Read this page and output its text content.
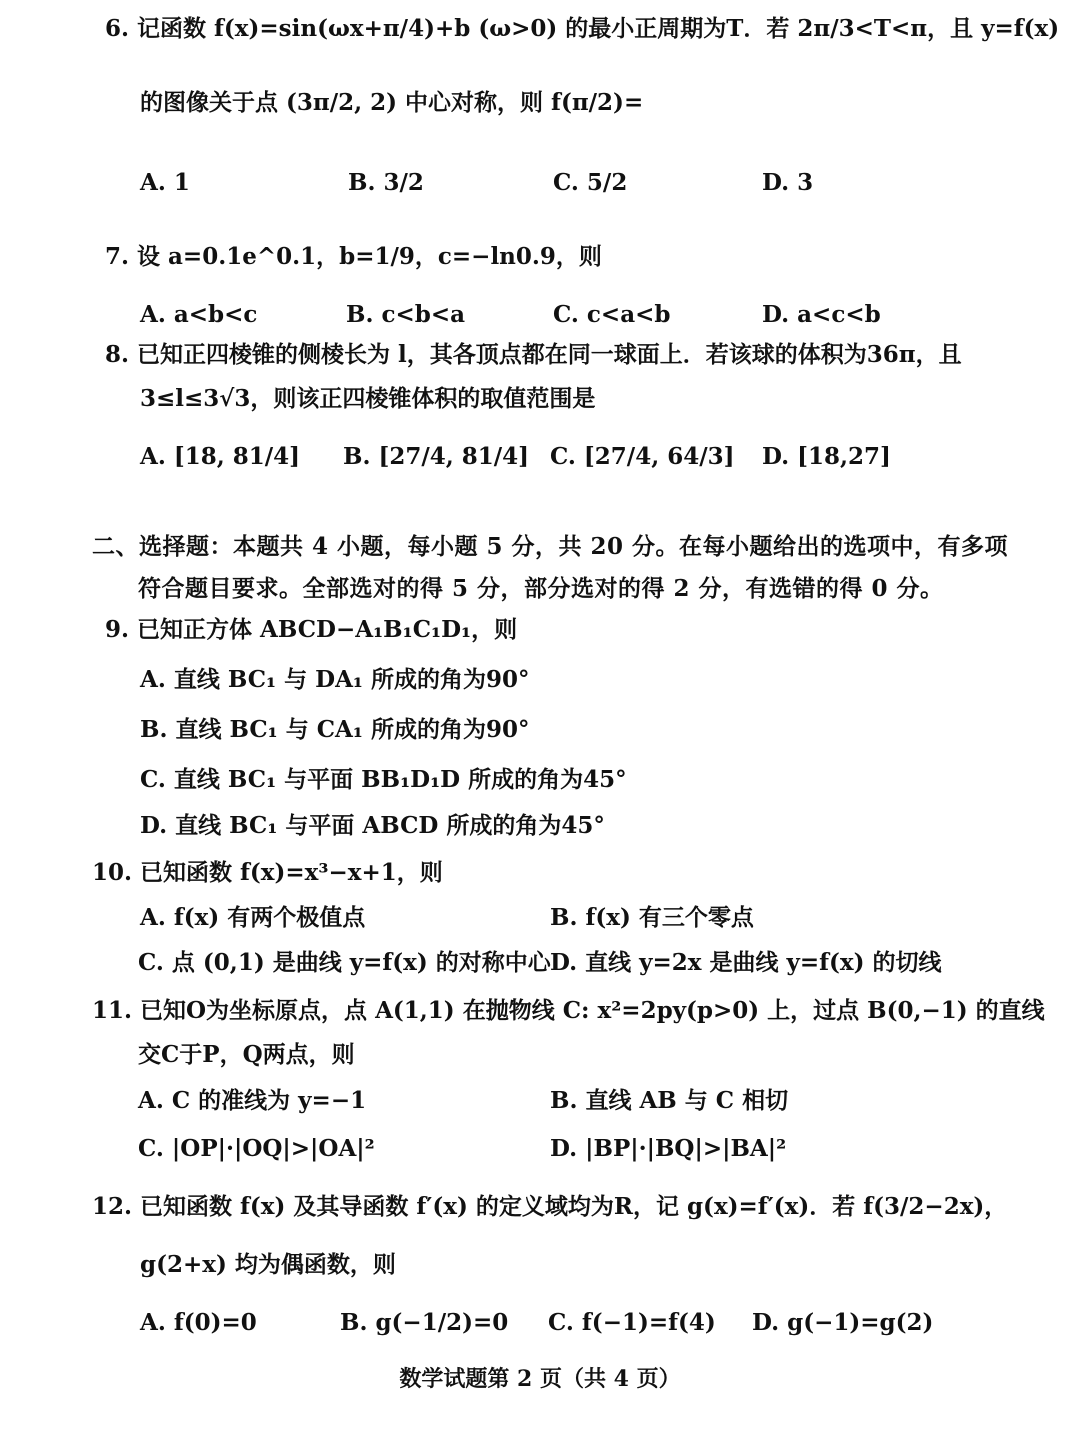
6. 记函数 f(x)=sin(ωx+π/4)+b (ω>0) 的最小正周期为T．若 2π/3<T<π，且 y=f(x)
的图像关于点 (3π/2, 2) 中心对称，则 f(π/2)=
A. 1	B. 3/2	C. 5/2	D. 3
7. 设 a=0.1e^0.1，b=1/9，c=−ln0.9，则
A. a<b<c	B. c<b<a	C. c<a<b	D. a<c<b
8. 已知正四棱锥的侧棱长为 l，其各顶点都在同一球面上．若该球的体积为36π，且
3≤l≤3√3，则该正四棱锥体积的取值范围是
A. [18, 81/4] B. [27/4, 81/4] C. [27/4, 64/3] D. [18,27]
二、选择题：本题共 4 小题，每小题 5 分，共 20 分。在每小题给出的选项中，有多项
符合题目要求。全部选对的得 5 分，部分选对的得 2 分，有选错的得 0 分。
9. 已知正方体 ABCD−A₁B₁C₁D₁，则
A. 直线 BC₁ 与 DA₁ 所成的角为90°
B. 直线 BC₁ 与 CA₁ 所成的角为90°
C. 直线 BC₁ 与平面 BB₁D₁D 所成的角为45°
D. 直线 BC₁ 与平面 ABCD 所成的角为45°
10. 已知函数 f(x)=x³−x+1，则
A. f(x) 有两个极值点	B. f(x) 有三个零点
C. 点 (0,1) 是曲线 y=f(x) 的对称中心 D. 直线 y=2x 是曲线 y=f(x) 的切线
11. 已知O为坐标原点，点 A(1,1) 在抛物线 C: x²=2py(p>0) 上，过点 B(0,−1) 的直线
交C于P，Q两点，则
A. C 的准线为 y=−1	B. 直线 AB 与 C 相切
C. |OP|·|OQ|>|OA|²	D. |BP|·|BQ|>|BA|²
12. 已知函数 f(x) 及其导函数 f′(x) 的定义域均为R，记 g(x)=f′(x)．若 f(3/2−2x)，
g(2+x) 均为偶函数，则
A. f(0)=0	B. g(−1/2)=0 C. f(−1)=f(4) D. g(−1)=g(2)
数学试题第 2 页（共 4 页）
